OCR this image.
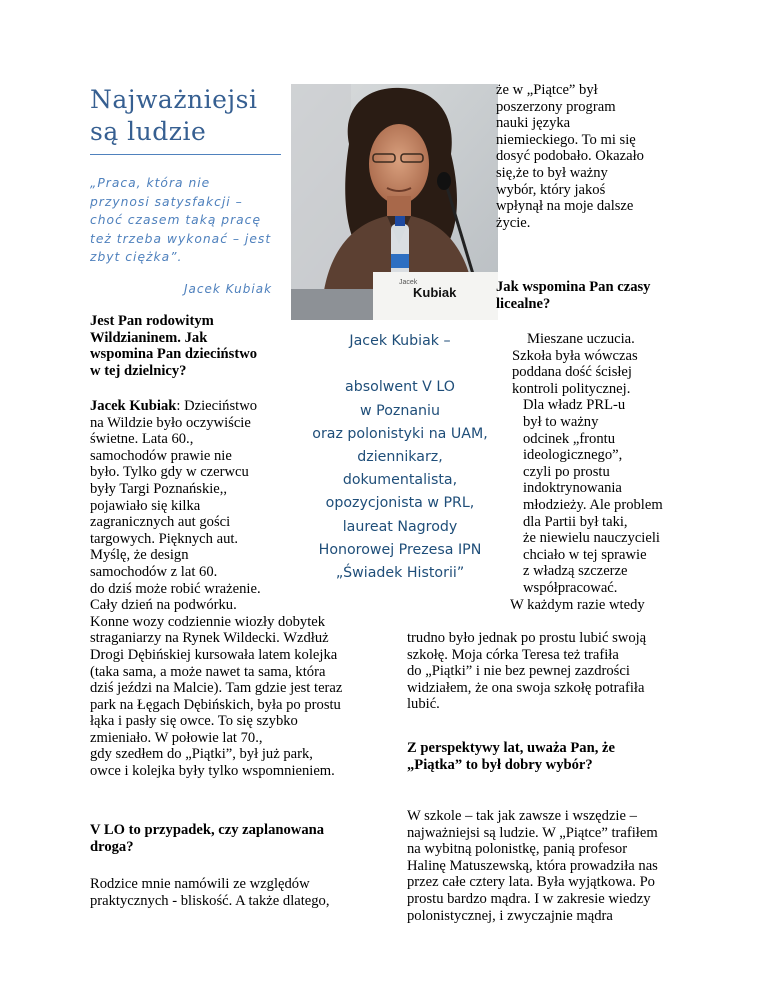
Najważniejsi
są ludzie
„Praca, która nie
przynosi satysfakcji –
choć czasem taką pracę
też trzeba wykonać – jest
zbyt ciężka”.
Jacek Kubiak	Jacek
Kubiak
Jacek Kubiak –
absolwent V LO
w Poznaniu
oraz polonistyki na UAM,
dziennikarz,
dokumentalista,
opozycjonista w PRL,
laureat Nagrody
Honorowej Prezesa IPN
„Świadek Historii”
że w „Piątce” był
poszerzony program
nauki języka
niemieckiego. To mi się
dosyć podobało. Okazało
się,że to był ważny
wybór, który jakoś
wpłynął na moje dalsze
życie.
Jak wspomina Pan czasy
licealne?
Mieszane uczucia.
Szkoła była wówczas
poddana dość ścisłej
kontroli politycznej.
Dla władz PRL-u
był to ważny
odcinek „frontu
ideologicznego”,
czyli po prostu
indoktrynowania
młodzieży. Ale problem
dla Partii był taki,
że niewielu nauczycieli
chciało w tej sprawie
z władzą szczerze
współpracować.
W każdym razie wtedy
trudno było jednak po prostu lubić swoją
szkołę. Moja córka Teresa też trafiła
do „Piątki” i nie bez pewnej zazdrości
widziałem, że ona swoja szkołę potrafiła
lubić.
Z perspektywy lat, uważa Pan, że
„Piątka” to był dobry wybór?
W szkole – tak jak zawsze i wszędzie –
najważniejsi są ludzie. W „Piątce” trafiłem
na wybitną polonistkę, panią profesor
Halinę Matuszewską, która prowadziła nas
przez całe cztery lata. Była wyjątkowa. Po
prostu bardzo mądra. I w zakresie wiedzy
polonistycznej, i zwyczajnie mądra
Jest Pan rodowitym
Wildzianinem. Jak
wspomina Pan dzieciństwo
w tej dzielnicy?
Jacek Kubiak: Dzieciństwo
na Wildzie było oczywiście
świetne. Lata 60.,
samochodów prawie nie
było. Tylko gdy w czerwcu
były Targi Poznańskie,,
pojawiało się kilka
zagranicznych aut gości
targowych. Pięknych aut.
Myślę, że design
samochodów z lat 60.
do dziś może robić wrażenie.
Cały dzień na podwórku.
Konne wozy codziennie wiozły dobytek
straganiarzy na Rynek Wildecki. Wzdłuż
Drogi Dębińskiej kursowała latem kolejka
(taka sama, a może nawet ta sama, która
dziś jeździ na Malcie). Tam gdzie jest teraz
park na Łęgach Dębińskich, była po prostu
łąka i pasły się owce. To się szybko
zmieniało. W połowie lat 70.,
gdy szedłem do „Piątki”, był już park,
owce i kolejka były tylko wspomnieniem.
V LO to przypadek, czy zaplanowana
droga?
Rodzice mnie namówili ze względów
praktycznych - bliskość. A także dlatego,
